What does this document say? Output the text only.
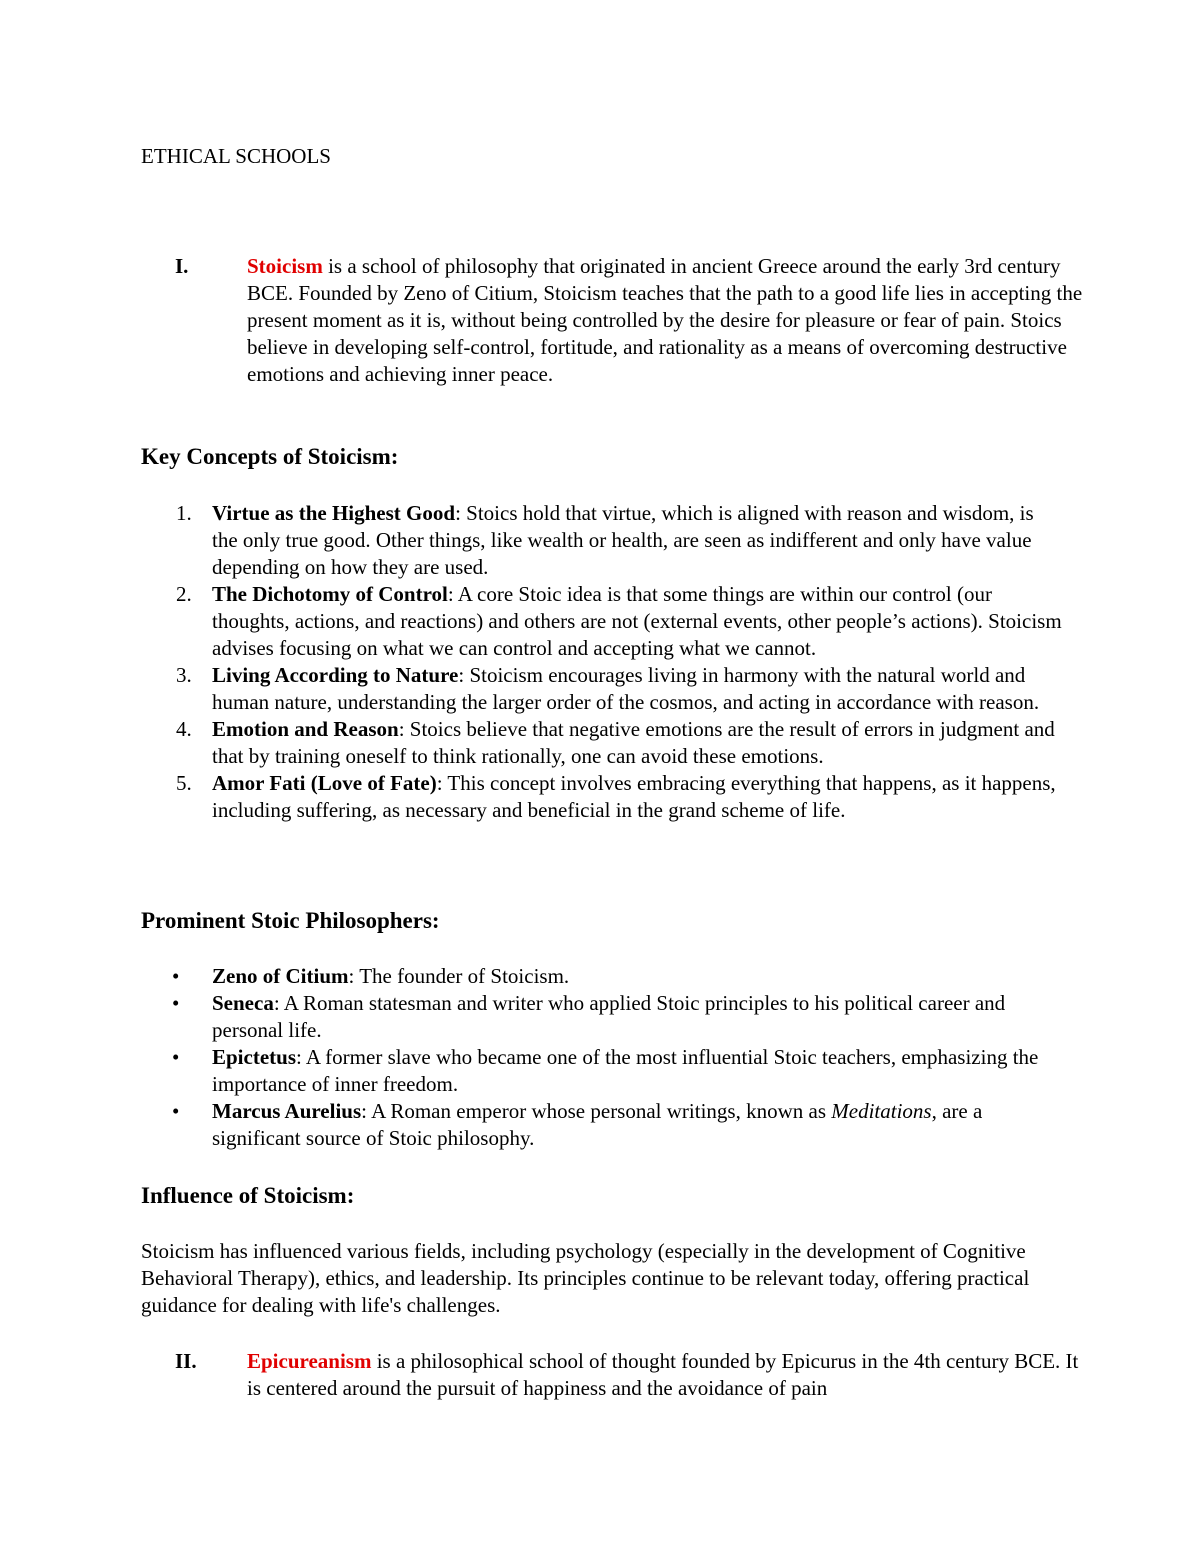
ETHICAL SCHOOLS
I.	Stoicism is a school of philosophy that originated in ancient Greece around the early 3rd century BCE. Founded by Zeno of Citium, Stoicism teaches that the path to a good life lies in accepting the present moment as it is, without being controlled by the desire for pleasure or fear of pain. Stoics believe in developing self-control, fortitude, and rationality as a means of overcoming destructive emotions and achieving inner peace.
Key Concepts of Stoicism:
1. Virtue as the Highest Good: Stoics hold that virtue, which is aligned with reason and wisdom, is the only true good. Other things, like wealth or health, are seen as indifferent and only have value depending on how they are used.
2. The Dichotomy of Control: A core Stoic idea is that some things are within our control (our thoughts, actions, and reactions) and others are not (external events, other people’s actions). Stoicism advises focusing on what we can control and accepting what we cannot.
3. Living According to Nature: Stoicism encourages living in harmony with the natural world and human nature, understanding the larger order of the cosmos, and acting in accordance with reason.
4. Emotion and Reason: Stoics believe that negative emotions are the result of errors in judgment and that by training oneself to think rationally, one can avoid these emotions.
5. Amor Fati (Love of Fate): This concept involves embracing everything that happens, as it happens, including suffering, as necessary and beneficial in the grand scheme of life.
Prominent Stoic Philosophers:
• Zeno of Citium: The founder of Stoicism.
• Seneca: A Roman statesman and writer who applied Stoic principles to his political career and personal life.
• Epictetus: A former slave who became one of the most influential Stoic teachers, emphasizing the importance of inner freedom.
• Marcus Aurelius: A Roman emperor whose personal writings, known as Meditations, are a significant source of Stoic philosophy.
Influence of Stoicism:
Stoicism has influenced various fields, including psychology (especially in the development of Cognitive Behavioral Therapy), ethics, and leadership. Its principles continue to be relevant today, offering practical guidance for dealing with life's challenges.
II. Epicureanism is a philosophical school of thought founded by Epicurus in the 4th century BCE. It is centered around the pursuit of happiness and the avoidance of pain
